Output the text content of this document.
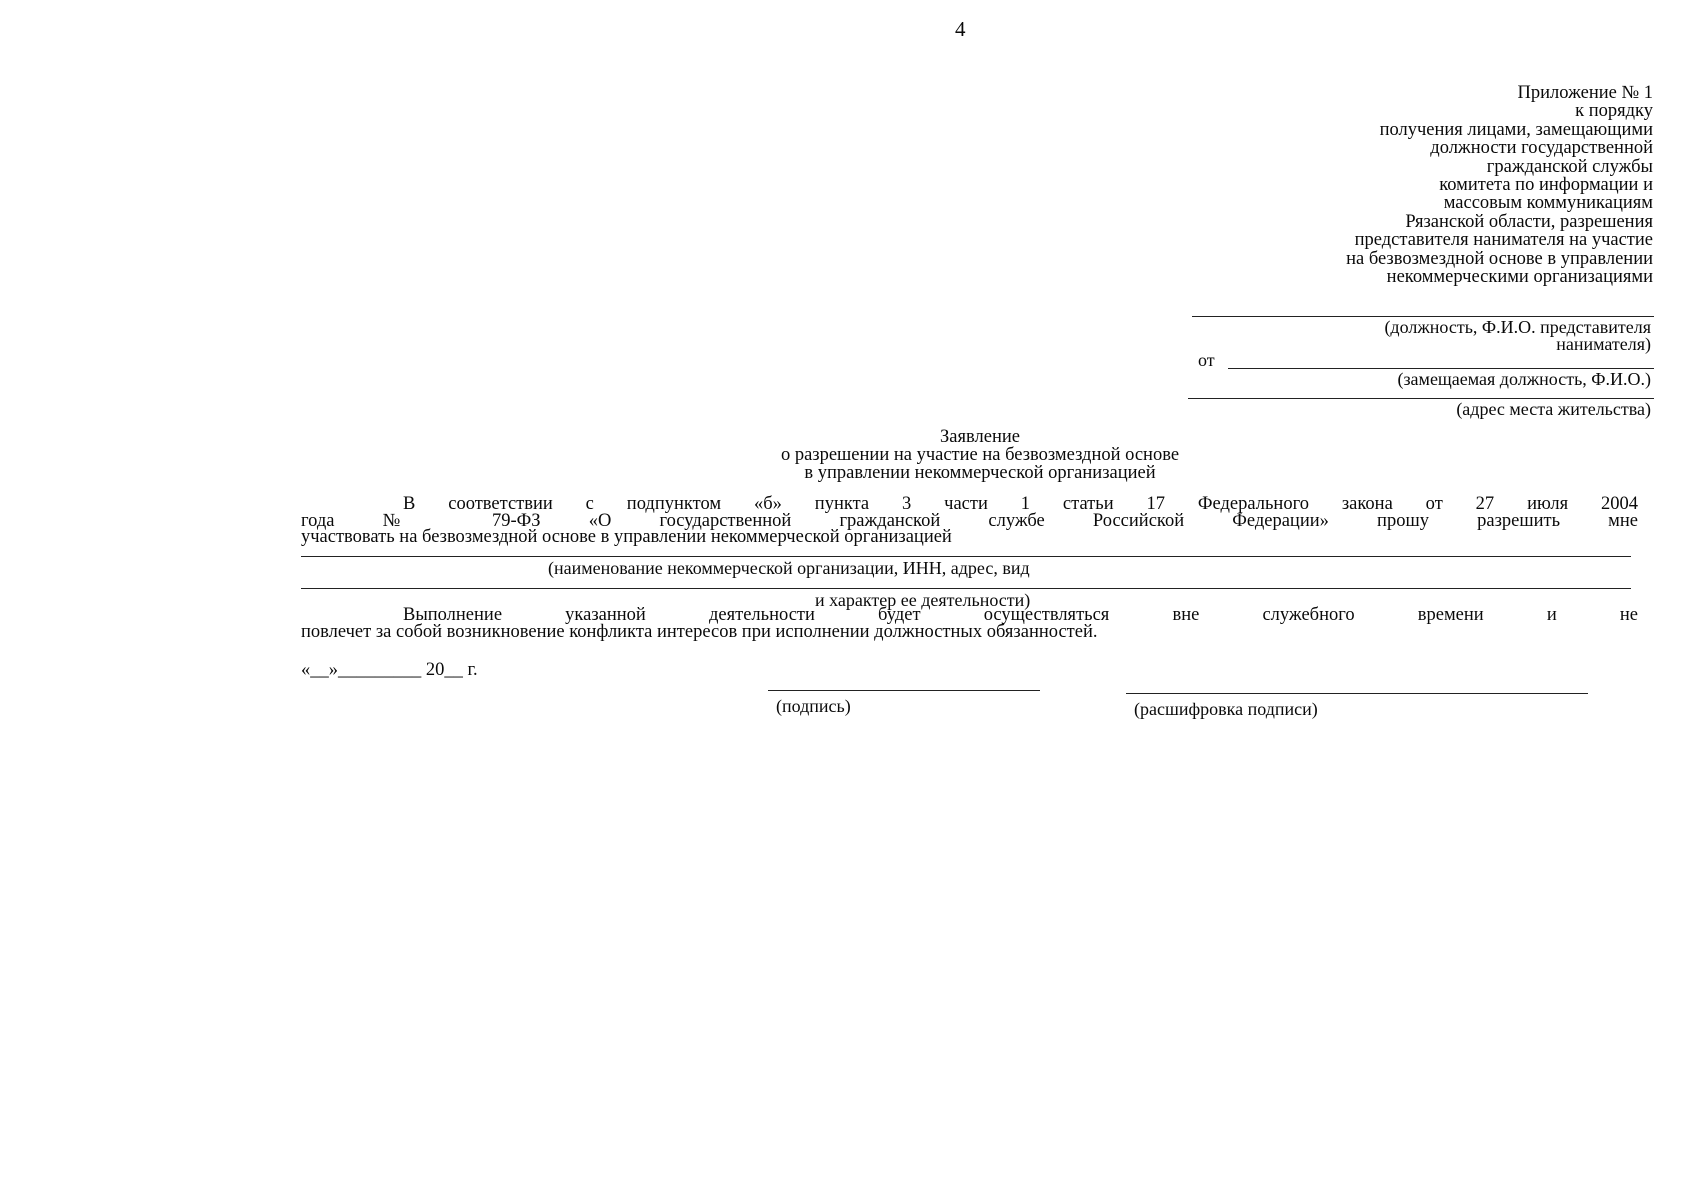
4
Приложение № 1
к порядку
получения лицами, замещающими
должности государственной
гражданской службы
комитета по информации и
массовым коммуникациям
Рязанской области, разрешения
представителя нанимателя на участие
на безвозмездной основе в управлении
некоммерческими организациями
(должность, Ф.И.О. представителя
нанимателя)
от
(замещаемая должность, Ф.И.О.)
(адрес места жительства)
Заявление
о разрешении на участие на безвозмездной основе
в управлении некоммерческой организацией
В соответствии с подпунктом «б» пункта 3 части 1 статьи 17 Федерального закона от 27 июля 2004
года № 79-ФЗ «О государственной гражданской службе Российской Федерации» прошу разрешить мне
участвовать на безвозмездной основе в управлении некоммерческой организацией
(наименование некоммерческой организации, ИНН, адрес, вид
и характер ее деятельности)
Выполнение указанной деятельности будет осуществляться вне служебного времени и не
повлечет за собой возникновение конфликта интересов при исполнении должностных обязанностей.
«__»_________ 20__ г.
(подпись)	(расшифровка подписи)
